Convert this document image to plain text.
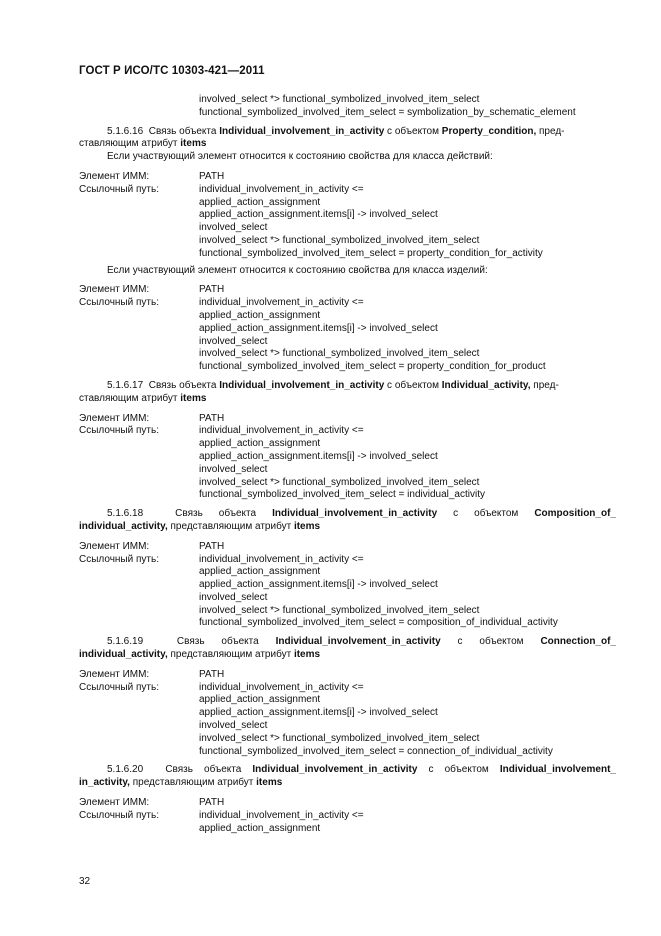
ГОСТ Р ИСО/ТС 10303-421—2011
involved_select *> functional_symbolized_involved_item_select
functional_symbolized_involved_item_select = symbolization_by_schematic_element
5.1.6.16 Связь объекта Individual_involvement_in_activity с объектом Property_condition, пред-
ставляющим атрибут items
Если участвующий элемент относится к состоянию свойства для класса действий:
Элемент ИММ:	PATH
Ссылочный путь:	individual_involvement_in_activity <=
applied_action_assignment
applied_action_assignment.items[i] -> involved_select
involved_select
involved_select *> functional_symbolized_involved_item_select
functional_symbolized_involved_item_select = property_condition_for_activity
Если участвующий элемент относится к состоянию свойства для класса изделий:
Элемент ИММ:	PATH
Ссылочный путь:	individual_involvement_in_activity <=
applied_action_assignment
applied_action_assignment.items[i] -> involved_select
involved_select
involved_select *> functional_symbolized_involved_item_select
functional_symbolized_involved_item_select = property_condition_for_product
5.1.6.17 Связь объекта Individual_involvement_in_activity с объектом Individual_activity, пред-
ставляющим атрибут items
Элемент ИММ:	PATH
Ссылочный путь:	individual_involvement_in_activity <=
applied_action_assignment
applied_action_assignment.items[i] -> involved_select
involved_select
involved_select *> functional_symbolized_involved_item_select
functional_symbolized_involved_item_select = individual_activity
5.1.6.18	Связь объекта Individual_involvement_in_activity с объектом Composition_of_
individual_activity, представляющим атрибут items
Элемент ИММ:	PATH
Ссылочный путь:	individual_involvement_in_activity <=
applied_action_assignment
applied_action_assignment.items[i] -> involved_select
involved_select
involved_select *> functional_symbolized_involved_item_select
functional_symbolized_involved_item_select = composition_of_individual_activity
5.1.6.19	Связь объекта Individual_involvement_in_activity с объектом Connection_of_
individual_activity, представляющим атрибут items
Элемент ИММ:	PATH
Ссылочный путь:	individual_involvement_in_activity <=
applied_action_assignment
applied_action_assignment.items[i] -> involved_select
involved_select
involved_select *> functional_symbolized_involved_item_select
functional_symbolized_involved_item_select = connection_of_individual_activity
5.1.6.20 Связь объекта Individual_involvement_in_activity с объектом Individual_involvement_
in_activity, представляющим атрибут items
Элемент ИММ:	PATH
Ссылочный путь:	individual_involvement_in_activity <=
applied_action_assignment
32
